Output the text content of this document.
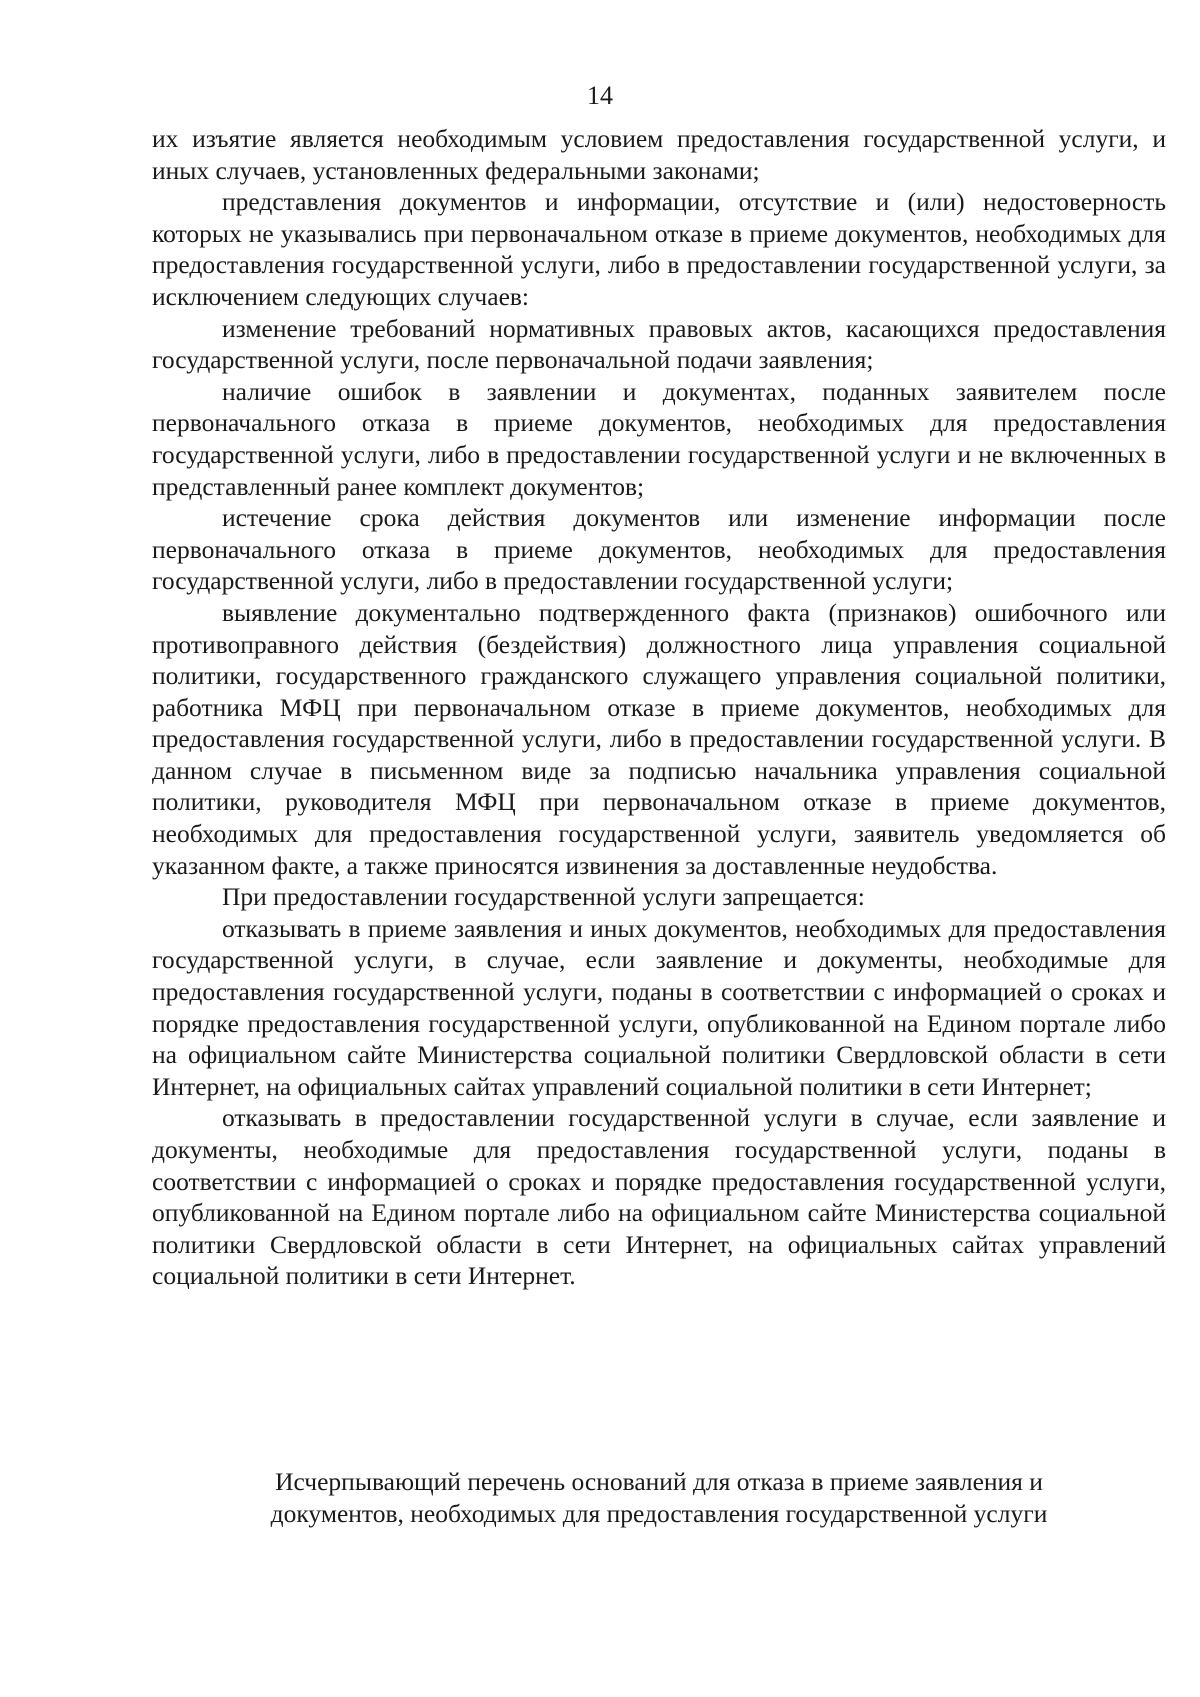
14

их изъятие является необходимым условием предоставления государственной услуги, и иных случаев, установленных федеральными законами;

представления документов и информации, отсутствие и (или) недостоверность которых не указывались при первоначальном отказе в приеме документов, необходимых для предоставления государственной услуги, либо в предоставлении государственной услуги, за исключением следующих случаев:

изменение требований нормативных правовых актов, касающихся предоставления государственной услуги, после первоначальной подачи заявления;

наличие ошибок в заявлении и документах, поданных заявителем после первоначального отказа в приеме документов, необходимых для предоставления государственной услуги, либо в предоставлении государственной услуги и не включенных в представленный ранее комплект документов;

истечение срока действия документов или изменение информации после первоначального отказа в приеме документов, необходимых для предоставления государственной услуги, либо в предоставлении государственной услуги;

выявление документально подтвержденного факта (признаков) ошибочного или противоправного действия (бездействия) должностного лица управления социальной политики, государственного гражданского служащего управления социальной политики, работника МФЦ при первоначальном отказе в приеме документов, необходимых для предоставления государственной услуги, либо в предоставлении государственной услуги. В данном случае в письменном виде за подписью начальника управления социальной политики, руководителя МФЦ при первоначальном отказе в приеме документов, необходимых для предоставления государственной услуги, заявитель уведомляется об указанном факте, а также приносятся извинения за доставленные неудобства.

При предоставлении государственной услуги запрещается:

отказывать в приеме заявления и иных документов, необходимых для предоставления государственной услуги, в случае, если заявление и документы, необходимые для предоставления государственной услуги, поданы в соответствии с информацией о сроках и порядке предоставления государственной услуги, опубликованной на Едином портале либо на официальном сайте Министерства социальной политики Свердловской области в сети Интернет, на официальных сайтах управлений социальной политики в сети Интернет;

отказывать в предоставлении государственной услуги в случае, если заявление и документы, необходимые для предоставления государственной услуги, поданы в соответствии с информацией о сроках и порядке предоставления государственной услуги, опубликованной на Едином портале либо на официальном сайте Министерства социальной политики Свердловской области в сети Интернет, на официальных сайтах управлений социальной политики в сети Интернет.

Исчерпывающий перечень оснований для отказа в приеме заявления и
документов, необходимых для предоставления государственной услуги
